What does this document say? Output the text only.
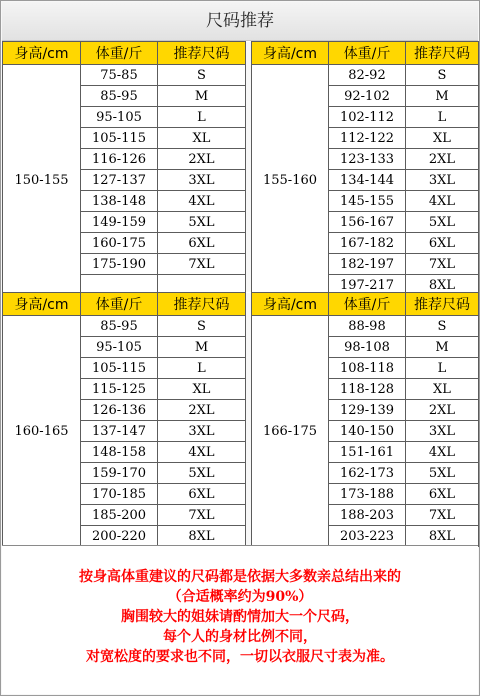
尺码推荐
身高/cm	体重/斤	推荐尺码		身高/cm	体重/斤	推荐尺码
150-155	75-85	S		155-160	82-92	S
	85-95	M			92-102	M
	95-105	L			102-112	L
	105-115	XL			112-122	XL
	116-126	2XL			123-133	2XL
	127-137	3XL			134-144	3XL
	138-148	4XL			145-155	4XL
	149-159	5XL			156-167	5XL
	160-175	6XL			167-182	6XL
	175-190	7XL			182-197	7XL
					197-217	8XL
身高/cm	体重/斤	推荐尺码		身高/cm	体重/斤	推荐尺码
160-165	85-95	S		166-175	88-98	S
	95-105	M			98-108	M
	105-115	L			108-118	L
	115-125	XL			118-128	XL
	126-136	2XL			129-139	2XL
	137-147	3XL			140-150	3XL
	148-158	4XL			151-161	4XL
	159-170	5XL			162-173	5XL
	170-185	6XL			173-188	6XL
	185-200	7XL			188-203	7XL
	200-220	8XL			203-223	8XL

按身高体重建议的尺码都是依据大多数亲总结出来的

（合适概率约为90%）

胸围较大的姐妹请酌情加大一个尺码，

每个人的身材比例不同，

对宽松度的要求也不同，一切以衣服尺寸表为准。
